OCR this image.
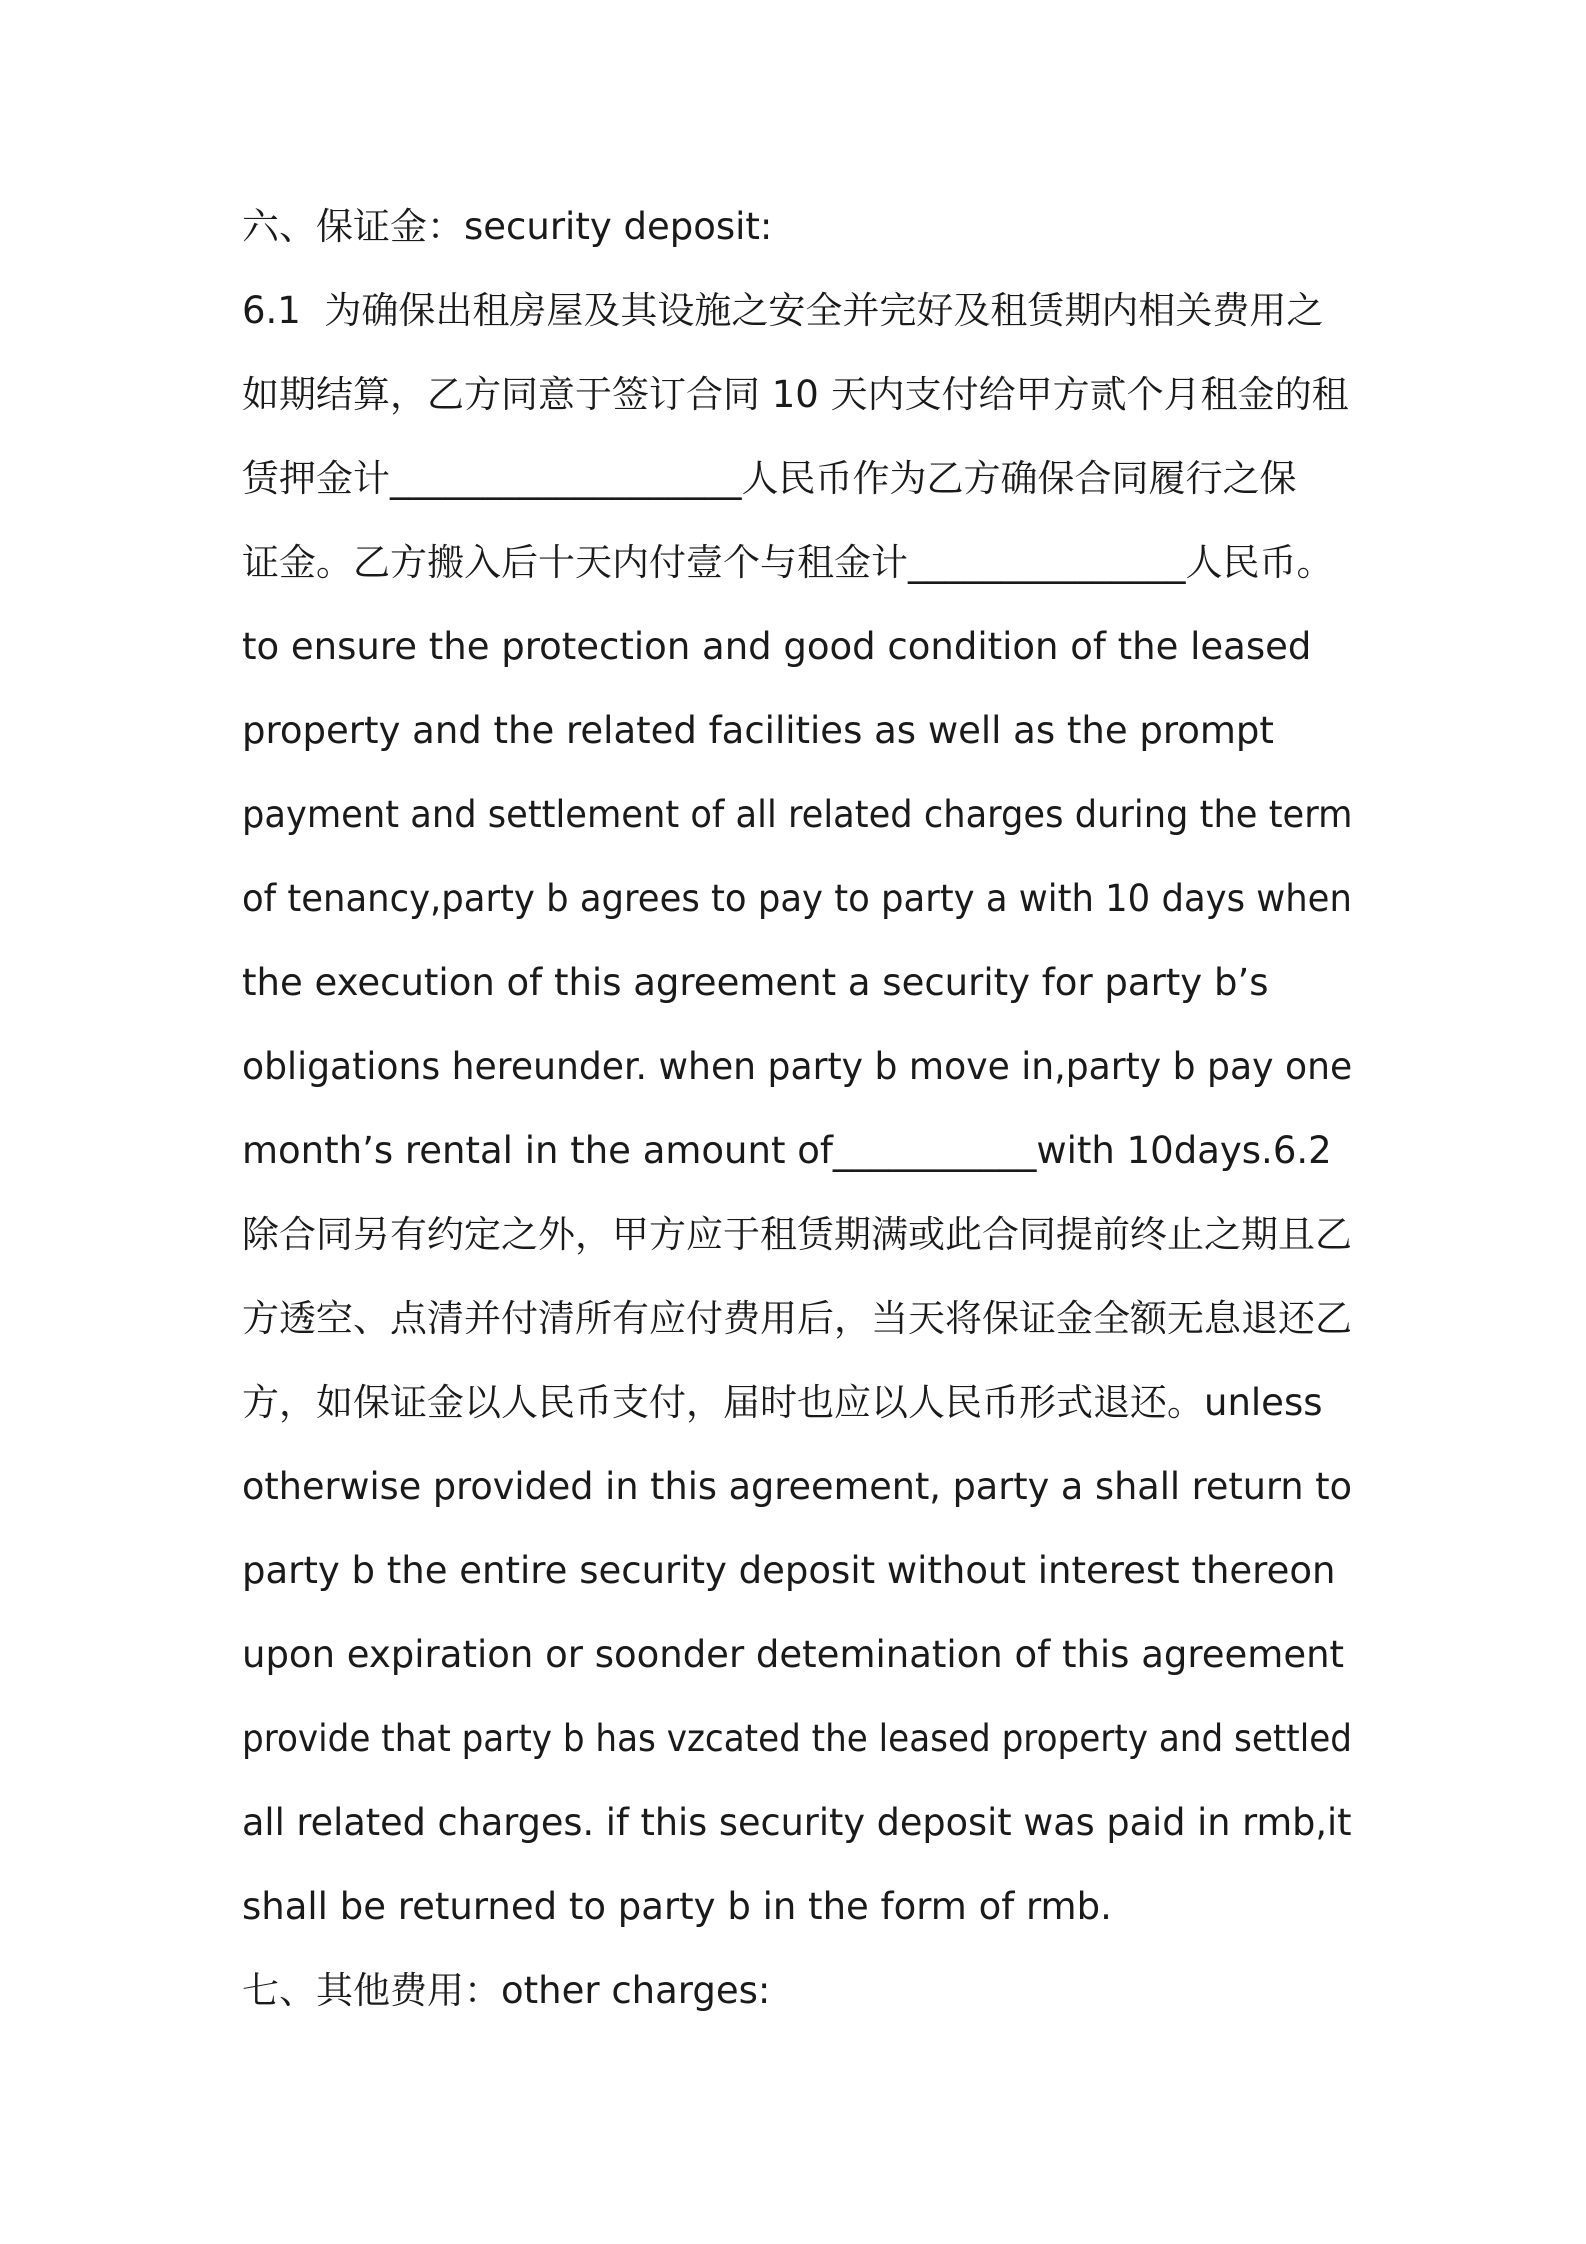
六、保证金：security deposit:
6.1  为确保出租房屋及其设施之安全并完好及租赁期内相关费用之
如期结算，乙方同意于签订合同 10 天内支付给甲方贰个月租金的租
赁押金计___________________人民币作为乙方确保合同履行之保
证金。乙方搬入后十天内付壹个与租金计_______________人民币。
to ensure the protection and good condition of the leased
property and the related facilities as well as the prompt
payment and settlement of all related charges during the term
of tenancy,party b agrees to pay to party a with 10 days when
the execution of this agreement a security for party b’s
obligations hereunder. when party b move in,party b pay one
month’s rental in the amount of___________with 10days.6.2
除合同另有约定之外，甲方应于租赁期满或此合同提前终止之期且乙
方透空、点清并付清所有应付费用后，当天将保证金全额无息退还乙
方，如保证金以人民币支付，届时也应以人民币形式退还。unless
otherwise provided in this agreement, party a shall return to
party b the entire security deposit without interest thereon
upon expiration or soonder detemination of this agreement
provide that party b has vzcated the leased property and settled
all related charges. if this security deposit was paid in rmb,it
shall be returned to party b in the form of rmb.
七、其他费用：other charges:
